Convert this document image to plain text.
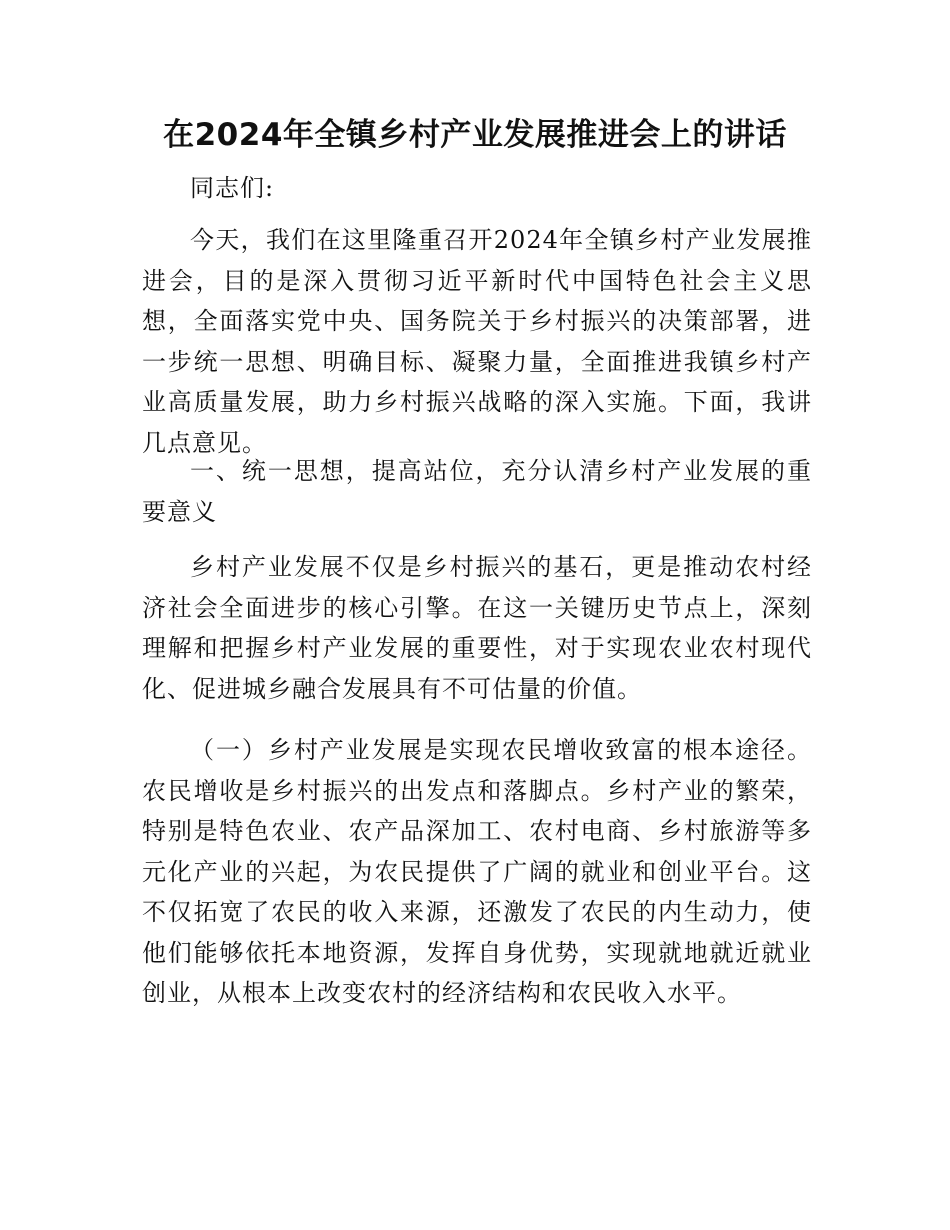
在2024年全镇乡村产业发展推进会上的讲话

同志们:

今天，我们在这里隆重召开2024年全镇乡村产业发展推进会，目的是深入贯彻习近平新时代中国特色社会主义思想，全面落实党中央、国务院关于乡村振兴的决策部署，进一步统一思想、明确目标、凝聚力量，全面推进我镇乡村产业高质量发展，助力乡村振兴战略的深入实施。下面，我讲几点意见。

一、统一思想，提高站位，充分认清乡村产业发展的重要意义

乡村产业发展不仅是乡村振兴的基石，更是推动农村经济社会全面进步的核心引擎。在这一关键历史节点上，深刻理解和把握乡村产业发展的重要性，对于实现农业农村现代化、促进城乡融合发展具有不可估量的价值。

（一）乡村产业发展是实现农民增收致富的根本途径。农民增收是乡村振兴的出发点和落脚点。乡村产业的繁荣，特别是特色农业、农产品深加工、农村电商、乡村旅游等多元化产业的兴起，为农民提供了广阔的就业和创业平台。这不仅拓宽了农民的收入来源，还激发了农民的内生动力，使他们能够依托本地资源，发挥自身优势，实现就地就近就业创业，从根本上改变农村的经济结构和农民收入水平。
